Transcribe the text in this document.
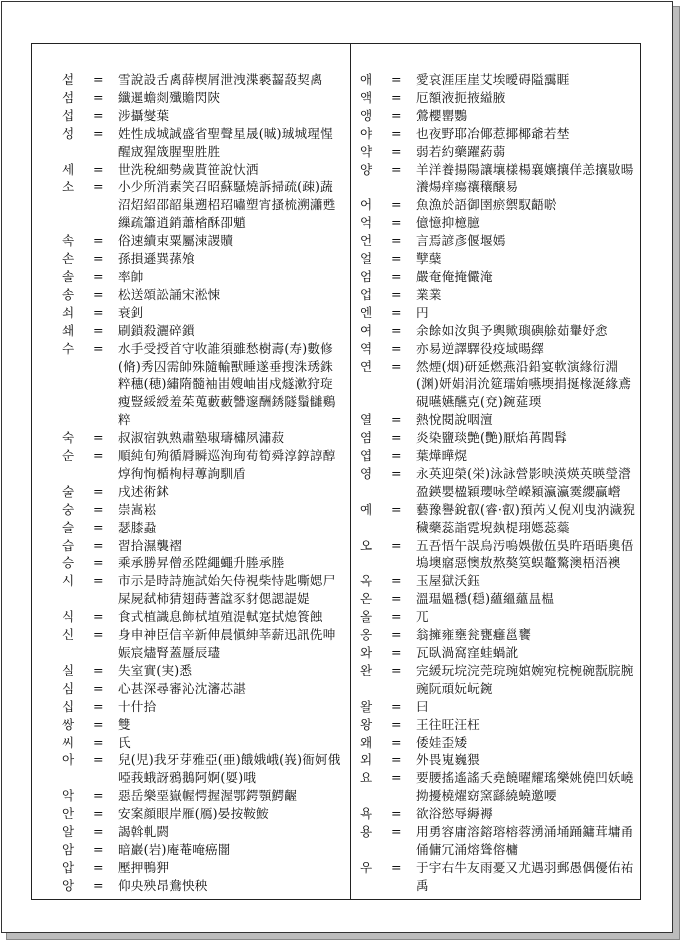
섵	=	雪說設舌禼薛楔屑泄洩渫褻齧蔎契禼
섬	=	纖暹蟾剡殲贍閃陝
섭	=	涉攝燮葉
성	=	姓性成城誠盛省聖聲星晟(晠)珹城瑆惺醒宬猩筬腥聖胜胜
세	=	世洗稅細勢歲貰笹說忕洒
소	=	小少所消素笑召昭蘇騷燒訴掃疏(疎)蔬沼炤紹邵韶巢遡柖玿嘯塑宵搔梳溯瀟甦繅疏簫逍銷蕭㮐酥卲魈
속	=	俗速續束粟屬涑謖贖
손	=	孫損遜巽蓀飧
솔	=	率帥
송	=	松送頌訟誦宋淞悚
쇠	=	衰釗
쇄	=	刷鎖殺灑碎鎻
수	=	水手受授首守收誰須雖愁樹壽(寿)數修(脩)秀囚需帥殊隨輸獸睡遂垂搜洙琇銖粹穗(穂)繡隋髓袖峀嫂岫峀戍燧漱狩琁瘦豎綏綬羞茱蒐藪藪讐邃酬銹隧鬚讎鷄粹
숙	=	叔淑宿孰熟肅塾琡璹橚夙潚菽
순	=	順純旬殉循脣瞬巡洵珣荀筍舜淳錞諄醇焞徇恂楯栒桪蓴詢馴盾
술	=	戌述術鉥
숭	=	崇嵩崧
슬	=	瑟膝蝨
습	=	習拾濕襲褶
승	=	乘承勝昇僧丞陞繩蠅升塍承塍
시	=	市示是時詩施試始矢侍視柴恃匙嘶媤尸屎屍弑柿猜翅蒔蓍諡豕豺偲諰諟媞
식	=	食式植識息飾栻埴殖湜軾寔拭熄篒蝕
신	=	身申神臣信辛新伸晨愼紳莘薪迅訊侁呻娠宸燼腎蓋蜃辰璶
실	=	失室實(実)悉
심	=	心甚深尋審沁沈瀋芯諶
십	=	十什拾
쌍	=	雙
씨	=	氏
아	=	兒(児)我牙芽雅亞(亜)餓娥峨(峩)衙妸俄啞莪蛾訝鴉鵝阿婀(娿)哦
악	=	惡岳樂堊嶽幄愕握渥鄂鍔顎鰐齷
안	=	安案顔眼岸雁(鴈)晏按鞍鮟
알	=	謁斡軋閼
암	=	暗巖(岩)庵菴唵癌闇
압	=	壓押鴨狎
앙	=	仰央殃昂鴦怏秧
애	=	愛哀涯厓崖艾埃曖碍隘靄睚
액	=	厄額液扼掖縊腋
앵	=	鶯櫻罌鸚
야	=	也夜野耶冶倻惹揶椰爺若埜
약	=	弱若約藥躍葯蒻
양	=	羊洋養揚陽讓壤樣楊襄孃攘佯恙攘敭暘瀁煬痒瘍禳穰醸易
어	=	魚漁於語御圉瘀禦馭齬唹
억	=	億憶抑檍臆
언	=	言焉諺彥偃堰嫣
얼	=	孼蘖
엄	=	嚴奄俺掩儼淹
업	=	業業
엔	=	円
여	=	余餘如汝與予輿歟璵礖艅茹轝妤悆
역	=	亦易逆譯驛役疫域暘繹
연	=	然煙(烟)研延燃燕沿鉛宴軟演緣衍淵(渊)妍娟涓沇筵瓀姢嚥堧捐挻椽涎緣鳶硯曣嬿醼克(兗)鋺莚瑌
열	=	熱悅閱說咽澶
염	=	炎染鹽琰艶(艷)厭焰苒閻髥
엽	=	葉燁曄熀
영	=	永英迎榮(栄)泳詠營影映渶煐英暎瑩瀯盈鍈嬰楹穎瓔咏塋嶸潁瀛瀛霙纓贏巆
예	=	藝豫譽銳叡(睿·叡)預芮乂倪刈曳汭濊猊穢藥蕊詣霓堄埶㮛珝嫕蕊蘂
오	=	五吾悟午誤烏汚嗚娛傲伍吳旿珸晤奧俉塢墺窹惡懊敖熬獒筽蜈鼇驁澳梧浯襖
옥	=	玉屋獄沃鈺
온	=	溫瑥媼穩(穏)蘊縕蘊昷榅
올	=	兀
옹	=	翁擁雍壅瓮甕癰邕饔
와	=	瓦臥渦窩窪蛙蝸訛
완	=	完緩玩垸浣莞琓琬婠婉宛梡椀碗翫脘腕豌阮頑妧岏鋺
왈	=	曰
왕	=	王往旺汪枉
왜	=	倭娃歪矮
외	=	外畏嵬巍猥
요	=	要腰搖遙謠夭堯饒曜耀瑤樂姚僥凹妖嶢拗擾橈燿窈窯繇繞蟯邀喓
욕	=	欲浴慾辱縟褥
용	=	用勇容庸溶鎔瑢榕蓉湧涌埇踊鏞茸墉甬俑傭冗涌熔聳傛槦
우	=	于宇右牛友雨憂又尤遇羽郵愚偶優佑祐禹
